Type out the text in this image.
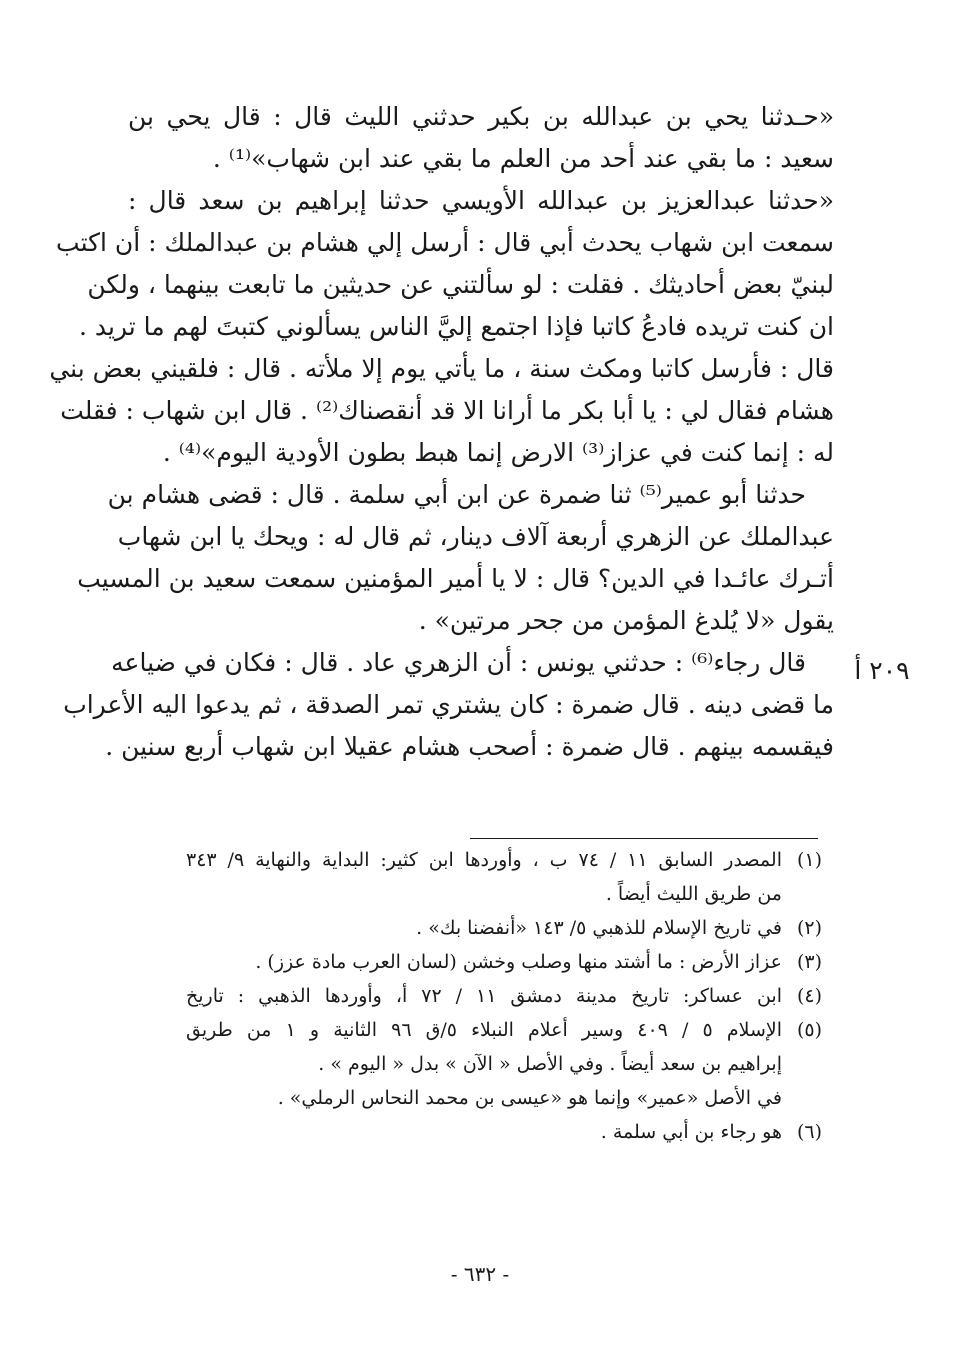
«حـدثنا يحي بن عبدالله بن بكير حدثني الليث قال : قال يحي بن
سعيد : ما بقي عند أحد من العلم ما بقي عند ابن شهاب»⁽¹⁾ .
«حدثنا عبدالعزيز بن عبدالله الأويسي حدثنا إبراهيم بن سعد قال :
سمعت ابن شهاب يحدث أبي قال : أرسل إلي هشام بن عبدالملك : أن اكتب
لبنيّ بعض أحاديثك . فقلت : لو سألتني عن حديثين ما تابعت بينهما ، ولكن
ان كنت تريده فادعُ كاتبا فإذا اجتمع إليَّ الناس يسألوني كتبتَ لهم ما تريد .
قال : فأرسل كاتبا ومكث سنة ، ما يأتي يوم إلا ملأته . قال : فلقيني بعض بني
هشام فقال لي : يا أبا بكر ما أرانا الا قد أنقصناك⁽²⁾ . قال ابن شهاب : فقلت
له : إنما كنت في عزاز⁽³⁾ الارض إنما هبط بطون الأودية اليوم»⁽⁴⁾ .
حدثنا أبو عمير⁽⁵⁾ ثنا ضمرة عن ابن أبي سلمة . قال : قضى هشام بن
عبدالملك عن الزهري أربعة آلاف دينار، ثم قال له : ويحك يا ابن شهاب
أتـرك عائـدا في الدين؟ قال : لا يا أمير المؤمنين سمعت سعيد بن المسيب
يقول «لا يُلدغ المؤمن من جحر مرتين» .
قال رجاء⁽⁶⁾ : حدثني يونس : أن الزهري عاد . قال : فكان في ضياعه
ما قضى دينه . قال ضمرة : كان يشتري تمر الصدقة ، ثم يدعوا اليه الأعراب
فيقسمه بينهم . قال ضمرة : أصحب هشام عقيلا ابن شهاب أربع سنين .
٢٠٩ أ
(١)
المصدر السابق ١١ / ٧٤ ب ، وأوردها ابن كثير: البداية والنهاية ٩/ ٣٤٣
من طريق الليث أيضاً .
(٢)
في تاريخ الإسلام للذهبي ٥/ ١٤٣ «أنفضنا بك» .
(٣)
عزاز الأرض : ما أشتد منها وصلب وخشن (لسان العرب مادة عزز) .
(٤)
ابن عساكر: تاريخ مدينة دمشق ١١ / ٧٢ أ، وأوردها الذهبي : تاريخ
(٥)
الإسلام ٥ / ٤٠٩ وسير أعلام النبلاء ٥/ق ٩٦ الثانية و ١ من طريق
إبراهيم بن سعد أيضاً . وفي الأصل « الآن » بدل « اليوم » .
في الأصل «عمير» وإنما هو «عيسى بن محمد النحاس الرملي» .
(٦)
هو رجاء بن أبي سلمة .
- ٦٣٢ -
